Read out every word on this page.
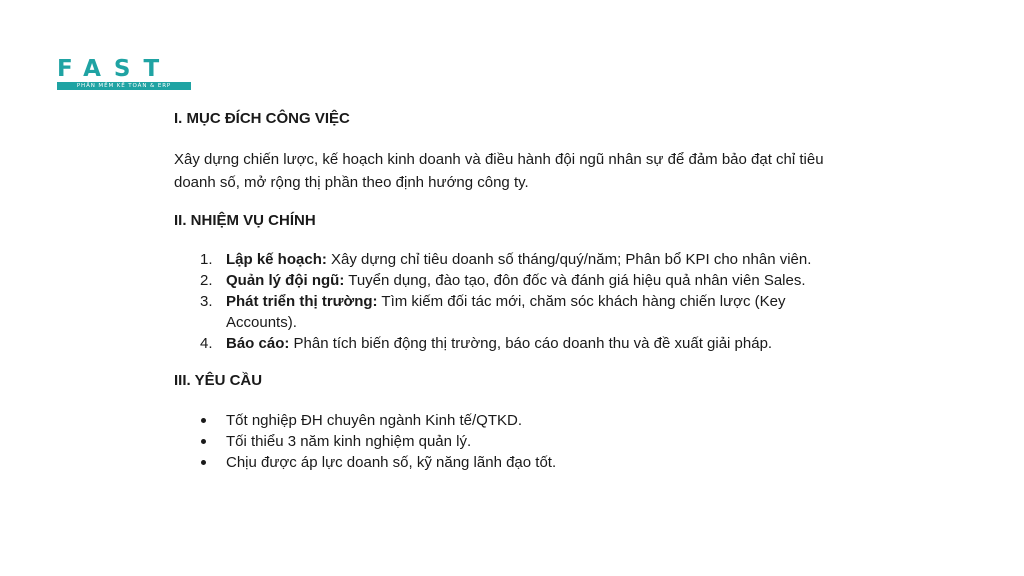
FAST
PHẦN MỀM KẾ TOÁN & ERP
I. MỤC ĐÍCH CÔNG VIỆC

Xây dựng chiến lược, kế hoạch kinh doanh và điều hành đội ngũ nhân sự để đảm bảo đạt chỉ tiêu doanh số, mở rộng thị phần theo định hướng công ty.

II. NHIỆM VỤ CHÍNH
1. Lập kế hoạch: Xây dựng chỉ tiêu doanh số tháng/quý/năm; Phân bổ KPI cho nhân viên.
2. Quản lý đội ngũ: Tuyển dụng, đào tạo, đôn đốc và đánh giá hiệu quả nhân viên Sales.
3. Phát triển thị trường: Tìm kiếm đối tác mới, chăm sóc khách hàng chiến lược (Key Accounts).
4. Báo cáo: Phân tích biến động thị trường, báo cáo doanh thu và đề xuất giải pháp.
III. YÊU CẦU
Tốt nghiệp ĐH chuyên ngành Kinh tế/QTKD.
Tối thiểu 3 năm kinh nghiệm quản lý.
Chịu được áp lực doanh số, kỹ năng lãnh đạo tốt.
